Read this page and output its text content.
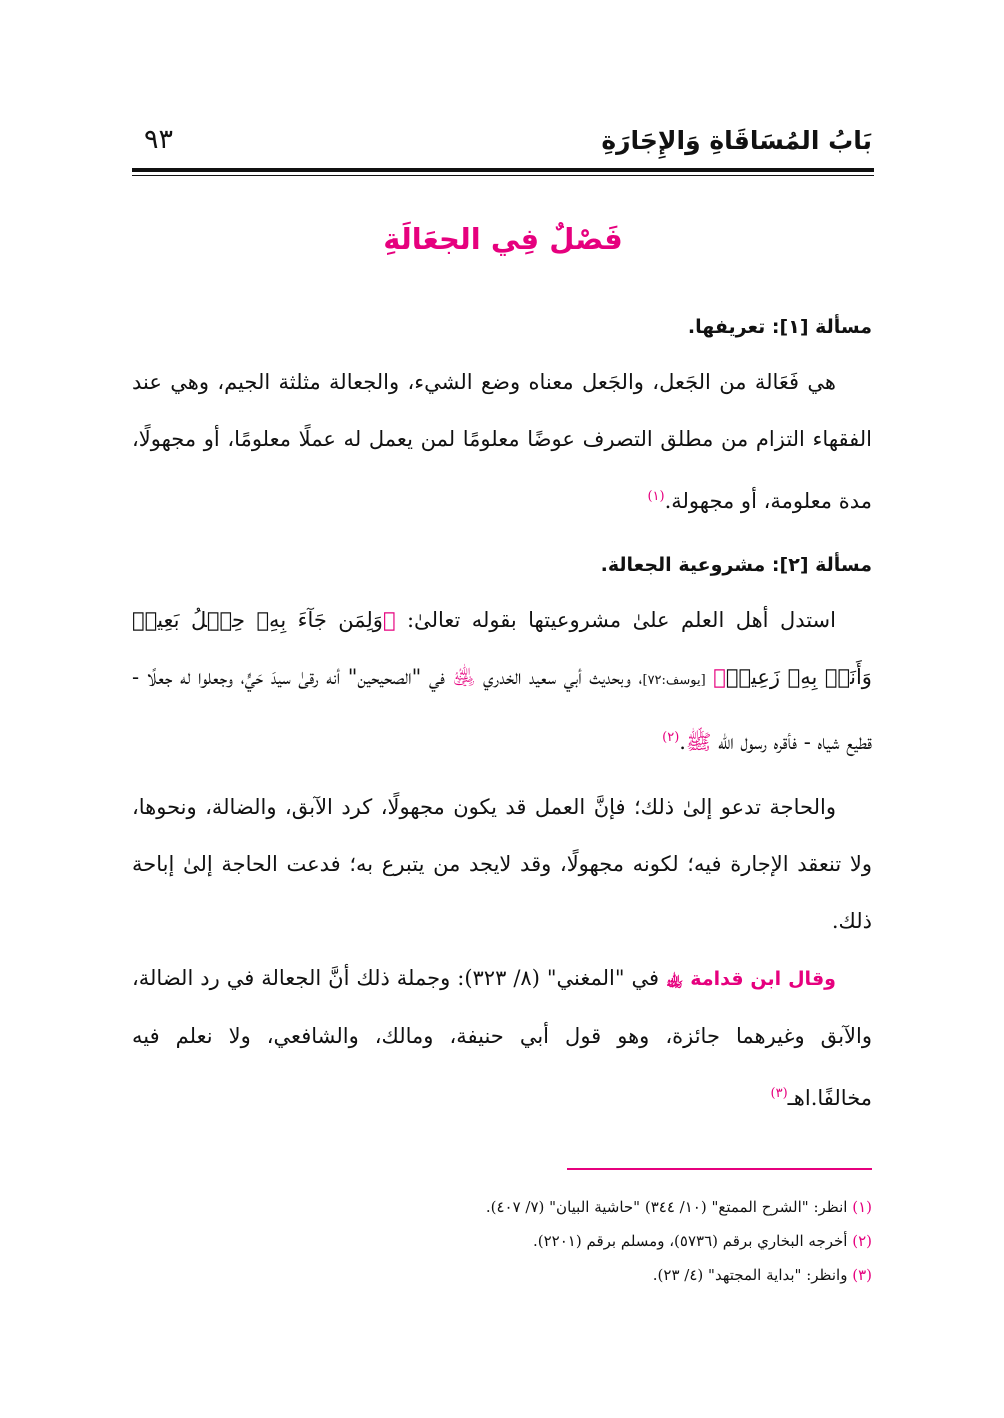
بَابُ المُسَاقَاةِ وَالإِجَارَةِ
٩٣
فَصْلٌ فِي الجعَالَةِ
مسألة [١]: تعريفها.

هي فَعَالة من الجَعل، والجَعل معناه وضع الشيء، والجعالة مثلثة الجيم، وهي عند الفقهاء التزام من مطلق التصرف عوضًا معلومًا لمن يعمل له عملًا معلومًا، أو مجهولًا، مدة معلومة، أو مجهولة.$^{(١)}$

مسألة [٢]: مشروعية الجعالة.

استدل أهل العلم علىٰ مشروعيتها بقوله تعالىٰ: ﴿وَلِمَن جَآءَ بِهِۦ حِمۡلُ بَعِيرٖ وَأَنَا۠ بِهِۦ زَعِيمٞ﴾ [يوسف:٧٢]، وبحديث أبي سعيد الخدري ﵁ في "الصحيحين" أنه رقىٰ سيدَ حَيٍّ، وجعلوا له جعلًا - قطيع شياه - فأقره رسول الله ﷺ.$^{(٢)}$

والحاجة تدعو إلىٰ ذلك؛ فإنَّ العمل قد يكون مجهولًا، كرد الآبق، والضالة، ونحوها، ولا تنعقد الإجارة فيه؛ لكونه مجهولًا، وقد لايجد من يتبرع به؛ فدعت الحاجة إلىٰ إباحة ذلك.

وقال ابن قدامة ﵀ في "المغني" (٨/ ٣٢٣): وجملة ذلك أنَّ الجعالة في رد الضالة، والآبق وغيرهما جائزة، وهو قول أبي حنيفة، ومالك، والشافعي، ولا نعلم فيه مخالفًا.اهـ$^{(٣)}$

(١) انظر: "الشرح الممتع" (١٠/ ٣٤٤) "حاشية البيان" (٧/ ٤٠٧).

(٢) أخرجه البخاري برقم (٥٧٣٦)، ومسلم برقم (٢٢٠١).

(٣) وانظر: "بداية المجتهد" (٤/ ٢٣).
